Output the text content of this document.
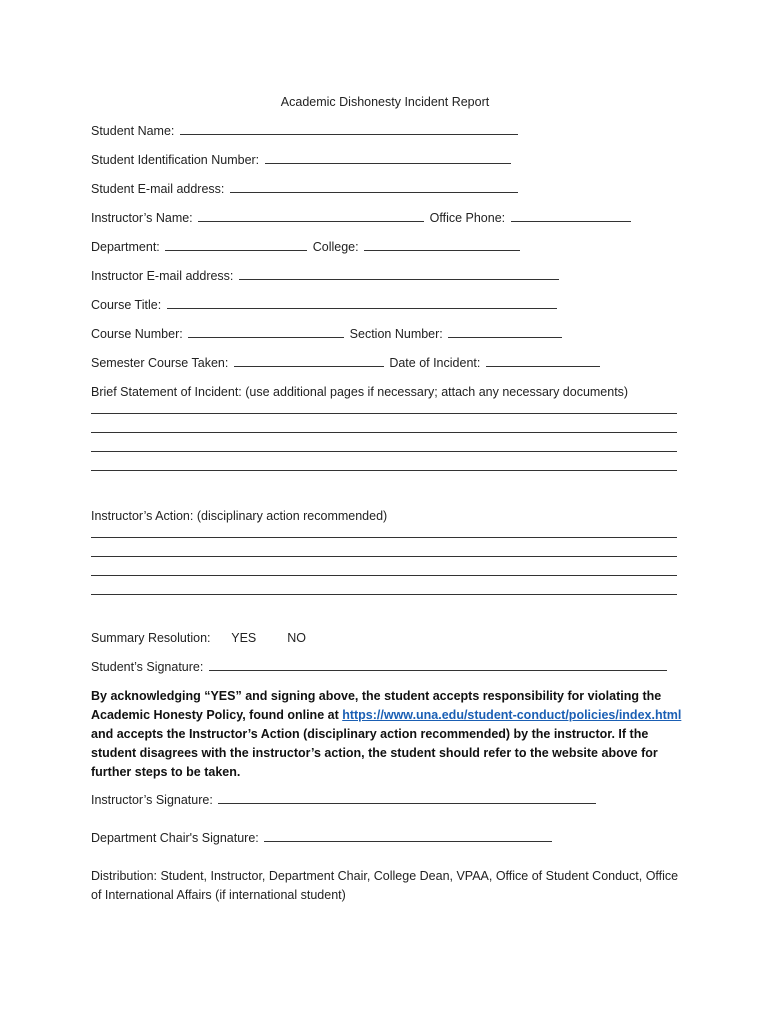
Academic Dishonesty Incident Report
Student Name:
Student Identification Number:
Student E-mail address:
Instructor’s Name:	Office Phone:
Department:	College:
Instructor E-mail address:
Course Title:
Course Number:	Section Number:
Semester Course Taken:	Date of Incident:
Brief Statement of Incident: (use additional pages if necessary; attach any necessary documents)
Instructor’s Action: (disciplinary action recommended)
Summary Resolution: YES NO
Student’s Signature:
By acknowledging “YES” and signing above, the student accepts responsibility for violating the Academic Honesty Policy, found online at https://www.una.edu/student-conduct/policies/index.html and accepts the Instructor’s Action (disciplinary action recommended) by the instructor. If the student disagrees with the instructor’s action, the student should refer to the website above for further steps to be taken.
Instructor’s Signature:
Department Chair's Signature:
Distribution: Student, Instructor, Department Chair, College Dean, VPAA, Office of Student Conduct, Office of International Affairs (if international student)
